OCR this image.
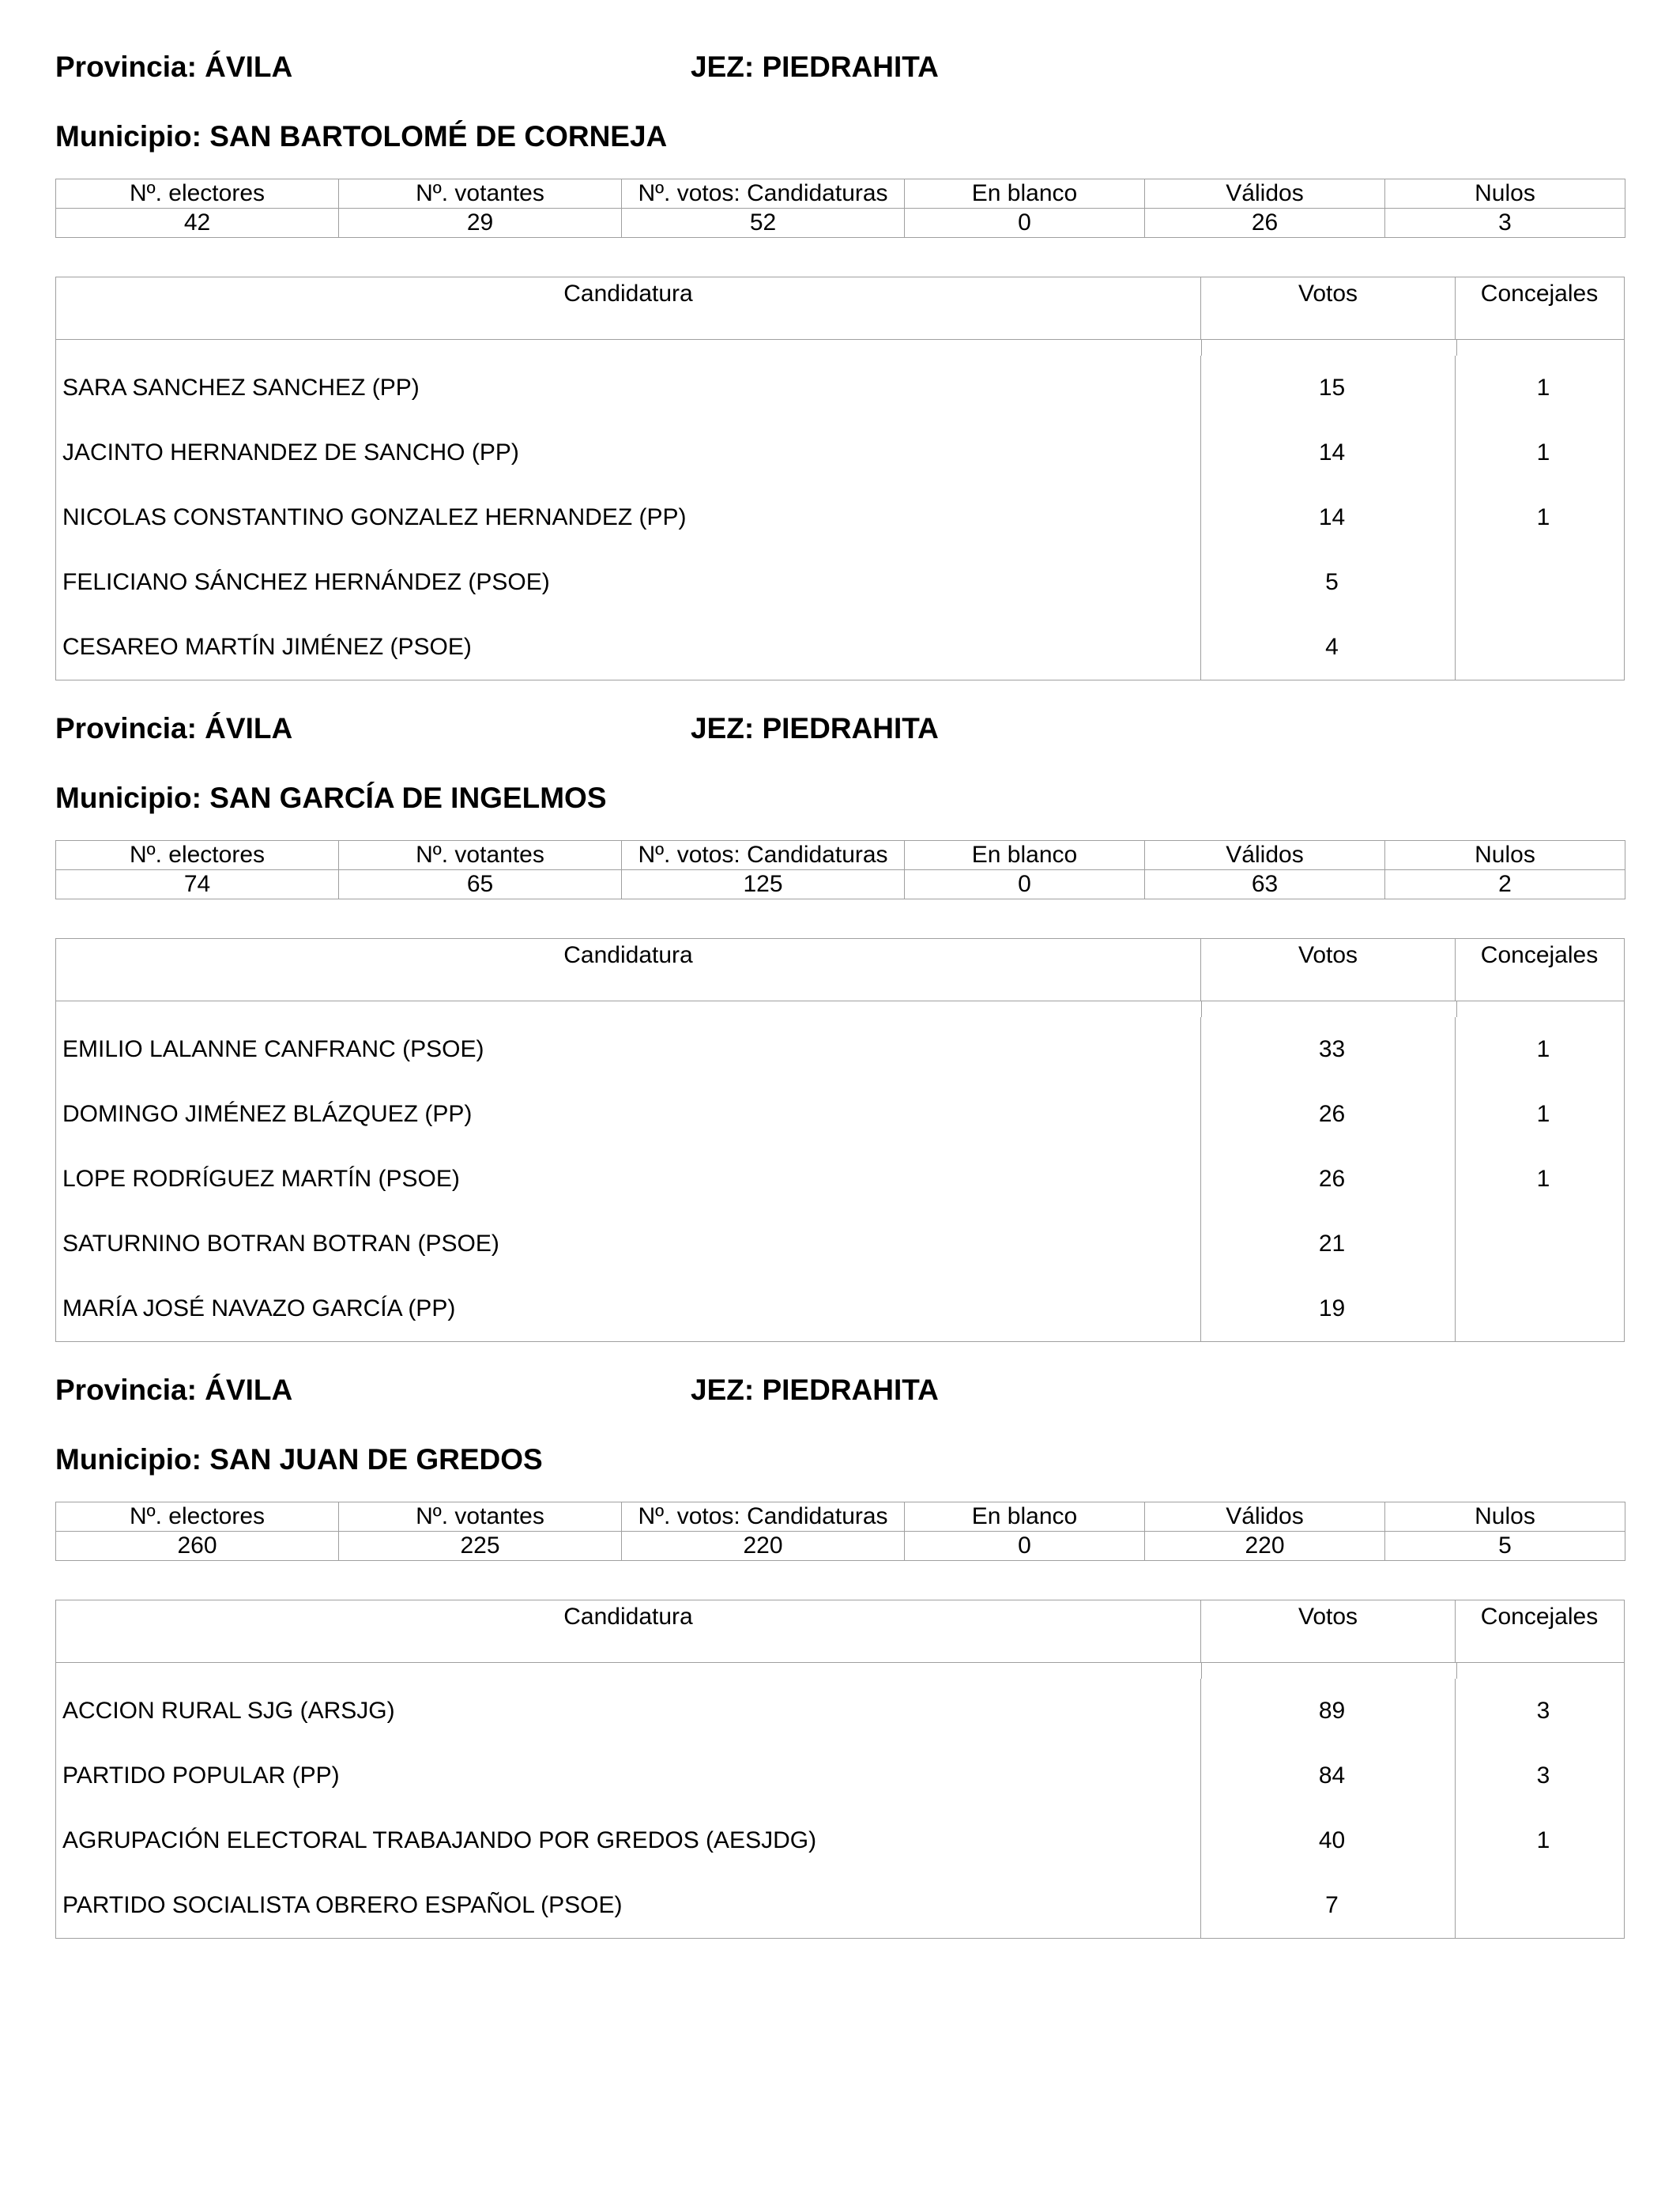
Provincia: ÁVILA	JEZ: PIEDRAHITA
Municipio: SAN BARTOLOMÉ DE CORNEJA
Nº. electores	Nº. votantes	Nº. votos: Candidaturas	En blanco	Válidos	Nulos
42	29	52	0	26	3
Candidatura	Votos	Concejales
SARA SANCHEZ SANCHEZ (PP)	15	1
JACINTO HERNANDEZ DE SANCHO (PP)	14	1
NICOLAS CONSTANTINO GONZALEZ HERNANDEZ (PP)	14	1
FELICIANO SÁNCHEZ HERNÁNDEZ (PSOE)	5
CESAREO MARTÍN JIMÉNEZ (PSOE)	4
Provincia: ÁVILA	JEZ: PIEDRAHITA
Municipio: SAN GARCÍA DE INGELMOS
Nº. electores	Nº. votantes	Nº. votos: Candidaturas	En blanco	Válidos	Nulos
74	65	125	0	63	2
Candidatura	Votos	Concejales
EMILIO LALANNE CANFRANC (PSOE)	33	1
DOMINGO JIMÉNEZ BLÁZQUEZ (PP)	26	1
LOPE RODRÍGUEZ MARTÍN (PSOE)	26	1
SATURNINO BOTRAN BOTRAN (PSOE)	21
MARÍA JOSÉ NAVAZO GARCÍA (PP)	19
Provincia: ÁVILA	JEZ: PIEDRAHITA
Municipio: SAN JUAN DE GREDOS
Nº. electores	Nº. votantes	Nº. votos: Candidaturas	En blanco	Válidos	Nulos
260	225	220	0	220	5
Candidatura	Votos	Concejales
ACCION RURAL SJG (ARSJG)	89	3
PARTIDO POPULAR (PP)	84	3
AGRUPACIÓN ELECTORAL TRABAJANDO POR GREDOS (AESJDG)	40	1
PARTIDO SOCIALISTA OBRERO ESPAÑOL (PSOE)	7
